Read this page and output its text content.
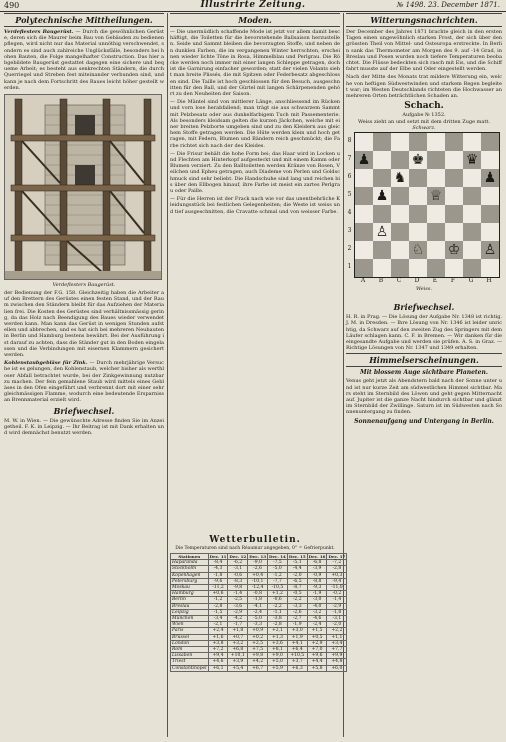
490	Illustrirte Zeitung.	№ 1498. 23. December 1871.
Polytechnische Mittheilungen.

Verdeflesters Baugerüst. — Durch die gewöhnlichen Gerüste, deren sich die Maurer beim Bau von Gebäuden zu bedienen pflegen, wird nicht nur das Material unnöthig verschwendet, sondern es sind auch zahlreiche Unglücksfälle, besonders bei hohen Bauten, die Folge mangelhafter Construction. Das hier abgebildete Baugerüst gestattet dagegen eine sichere und bequeme Arbeit; es besteht aus senkrechten Ständern, die durch Querriegel und Streben fest miteinander verbunden sind, und kann je nach dem Fortschritt des Baues leicht höher gestellt werden.

Verdeflesters Baugerüst.

der Bedienung der F.G. 158. Gleichzeitig haben die Arbeiter auf den Brettern des Gerüstes einen festen Stand, und der Raum zwischen den Ständern bleibt für das Aufziehen der Materialien frei. Die Kosten des Gerüstes sind verhältnissmässig gering, da das Holz nach Beendigung des Baues wieder verwendet werden kann. Man kann das Gerüst in wenigen Stunden aufstellen und abbrechen, und es hat sich bei mehreren Neubauten in Berlin und Hamburg bestens bewährt. Bei der Ausführung ist darauf zu achten, dass die Ständer gut in den Boden eingelassen und die Verbindungen mit eisernen Klammern gesichert werden.

Kohlenstaubgebläse für Zink. — Durch mehrjährige Versuche ist es gelungen, den Kohlenstaub, welcher bisher als werthloser Abfall betrachtet wurde, bei der Zinkgewinnung nutzbar zu machen. Der fein gemahlene Staub wird mittels eines Gebläses in den Ofen eingeführt und verbrennt dort mit einer sehr gleichmässigen Flamme, wodurch eine bedeutende Ersparniss an Brennmaterial erzielt wird.

Briefwechsel.

M. W. in Wien. — Die gewünschte Adresse finden Sie im Anzeigetheil. F. K. in Leipzig. — Ihr Beitrag ist mit Dank erhalten und wird demnächst benutzt werden.

Moden.

— Die unermüdlich schaffende Mode ist jetzt vor allem damit beschäftigt, die Toiletten für die bevorstehende Ballsaison herzustellen. Seide und Sammt bleiben die bevorzugten Stoffe, und neben den dunklen Farben, die im vergangenen Winter herrschten, erscheinen wieder lichte Töne in Rosa, Himmelblau und Perlgrau. Die Röcke werden noch immer mit einer langen Schleppe getragen, doch ist die Garnirung einfacher geworden; statt der vielen Volants sieht man breite Plissés, die mit Spitzen oder Federbesatz abgeschlossen sind. Die Taille ist hoch geschlossen für den Besuch, ausgeschnitten für den Ball, und der Gürtel mit langen Schärpenenden gehört zu den Neuheiten der Saison.

— Die Mäntel sind von mittlerer Länge, anschliessend im Rücken und vorn lose herabfallend; man trägt sie aus schwarzem Sammt mit Pelzbesatz oder aus dunkelfarbigem Tuch mit Passementerie. Als besonders kleidsam gelten die kurzen Jäckchen, welche mit einer breiten Pelzborte umgeben sind und zu den Kleidern aus gleichem Stoffe getragen werden. Die Hüte werden klein und hoch getragen, mit Federn, Blumen und Bändern reich geschmückt; die Farbe richtet sich nach der des Kleides.

— Die Frisur behält die hohe Form bei; das Haar wird in Locken und Flechten am Hinterkopf aufgesteckt und mit einem Kamm oder Blumen verziert. Zu den Balltoiletten werden Kränze von Rosen, Veilchen und Epheu getragen, auch Diademe von Perlen und Goldschmuck sind sehr beliebt. Die Handschuhe sind lang und reichen bis über den Ellbogen hinauf, ihre Farbe ist meist ein zartes Perlgrau oder Paille.

— Für die Herren ist der Frack nach wie vor das unentbehrliche Kleidungsstück bei festlichen Gelegenheiten; die Weste ist weiss und tief ausgeschnitten, die Cravatte schmal und von weisser Farbe.

Wetterbulletin.
Die Temperaturen sind nach Réaumur angegeben, 0° = Gefrierpunkt.
Stationen	Dec. 11	Dec. 12	Dec. 13	Dec. 14	Dec. 15	Dec. 16	Dec. 17
Haparanda	-8,4	-6,2	-9,0	-7,5	-5,1	-6,8	-7,2
Stockholm	-4,3	-3,1	-2,6	-5,0	-4,4	-3,9	-2,8
Kopenhagen	-1,8	-0,6	+0,4	-1,2	-2,0	-0,9	+0,3
Petersburg	-9,6	-8,3	-10,1	-7,7	-6,5	-8,8	-9,4
Moskau	-11,2	-9,8	-12,4	-10,5	-8,7	-9,3	-11,0
Hamburg	+0,6	-1,4	-0,8	+1,2	-0,5	-1,9	-0,2
Berlin	-1,2	-2,5	-1,8	-0,6	-2,2	-3,0	-1,4
Breslau	-2,8	-3,6	-4,1	-2,2	-3,3	-4,0	-2,9
Leipzig	-1,5	-2,9	-2,4	-1,1	-2,6	-3,2	-1,8
München	-3,4	-4,2	-5,0	-3,8	-2,7	-4,6	-3,1
Wien	-2,1	-1,7	-3,3	-2,8	-1,9	-2,4	-2,0
Paris	+2,4	+1,8	+0,9	+2,1	+3,0	+1,5	+2,2
Brüssel	+1,6	+0,7	+0,2	+1,3	+1,9	+0,5	+1,1
London	+3,8	+3,2	+2,5	+3,6	+4,1	+2,9	+3,4
Rom	+7,2	+6,8	+7,5	+8,1	+6,4	+7,0	+7,7
Lissabon	+9,4	+10,1	+9,8	+9,0	+10,5	+9,6	+9,9
Triest	+4,6	+3,9	+4,2	+5,0	+3,7	+4,4	+4,8
Constantinopel	+6,1	+5,4	+6,7	+5,9	+6,3	+5,8	+6,0
Witterungsnachrichten.

Der December des Jahres 1871 brachte gleich in den ersten Tagen einen ungewöhnlich starken Frost, der sich über den grössten Theil von Mittel- und Osteuropa erstreckte. In Berlin sank das Thermometer am Morgen des 9. auf -14 Grad, in Breslau und Posen wurden noch tiefere Temperaturen beobachtet. Die Flüsse bedeckten sich rasch mit Eis, und die Schifffahrt musste auf der Elbe und Oder eingestellt werden.

Nach der Mitte des Monats trat mildere Witterung ein, welche von heftigen Südwestwinden und starkem Regen begleitet war; im Westen Deutschlands richteten die Hochwasser an mehreren Orten beträchtlichen Schaden an.

Schach.
Aufgabe № 1352.
Weiss zieht an und setzt mit dem dritten Zuge matt.
Schwarz.
8
7
6
5
4
3
2
1
♟	♚	♛
♞	♟
♟	♕
♙
♘ ♔ ♙
A	B	C	D	E	F	G	H
Weiss.
Briefwechsel.

H. R. in Prag. — Die Lösung der Aufgabe Nr. 1348 ist richtig. J. M. in Dresden. — Ihre Lösung von Nr. 1346 ist leider unrichtig, da Schwarz auf den zweiten Zug des Springers mit dem Läufer schlagen kann. C. F. in Bremen. — Wir danken für die eingesandte Aufgabe und werden sie prüfen. A. S. in Graz. — Richtige Lösungen von Nr. 1347 und 1349 erhalten.

Himmelserscheinungen.
Mit blossem Auge sichtbare Planeten.

Venus geht jetzt als Abendstern bald nach der Sonne unter und ist nur kurze Zeit am südwestlichen Himmel sichtbar. Mars steht im Sternbild des Löwen und geht gegen Mitternacht auf. Jupiter ist die ganze Nacht hindurch sichtbar und glänzt im Sternbild der Zwillinge. Saturn ist im Südwesten nach Sonnenuntergang zu finden.

Sonnenaufgang und Untergang in Berlin.
